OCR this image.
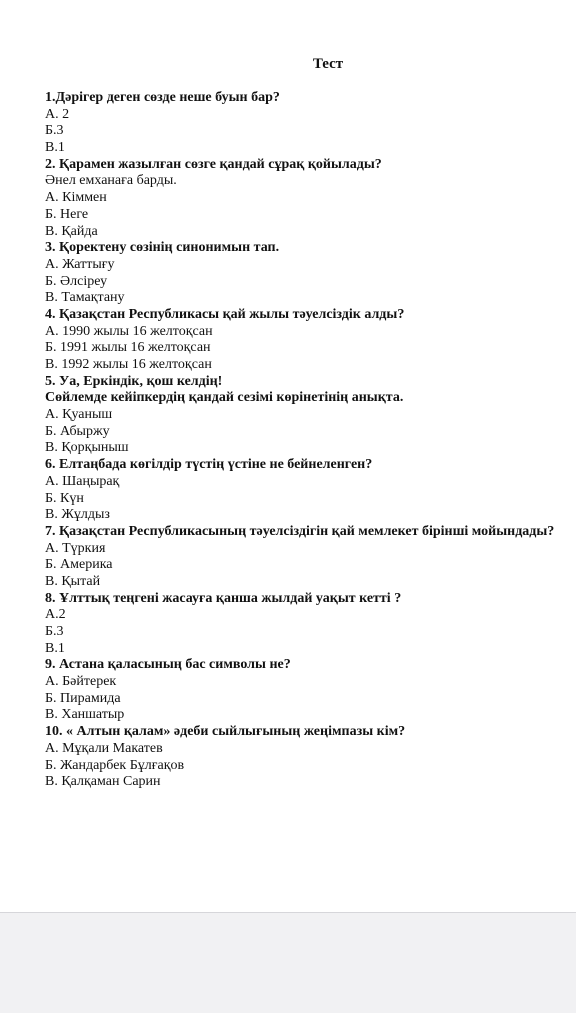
Тест
1.Дәрігер деген сөзде неше буын бар?
А. 2
Б.3
В.1
2. Қарамен жазылған сөзге қандай сұрақ қойылады?
Әнел емханаға барды.
А. Кіммен
Б. Неге
В. Қайда
3. Қоректену сөзінің синонимын тап.
А. Жаттығу
Б. Әлсіреу
В. Тамақтану
4. Қазақстан Республикасы қай жылы тәуелсіздік алды?
А. 1990 жылы 16 желтоқсан
Б. 1991 жылы 16 желтоқсан
В. 1992 жылы 16 желтоқсан
5. Уа, Еркіндік, қош келдің!
Сөйлемде кейіпкердің қандай сезімі көрінетінің анықта.
А. Қуаныш
Б. Абыржу
В. Қорқыныш
6. Елтаңбада көгілдір түстің үстіне не бейнеленген?
А. Шаңырақ
Б. Күн
В. Жұлдыз
7. Қазақстан Республикасының тәуелсіздігін қай мемлекет бірінші мойындады?
А. Түркия
Б. Америка
В. Қытай
8. Ұлттық теңгені жасауға қанша жылдай уақыт кетті ?
А.2
Б.3
В.1
9. Астана қаласының бас символы не?
А. Бәйтерек
Б. Пирамида
В. Ханшатыр
10. « Алтын қалам» әдеби сыйлығының жеңімпазы кім?
А. Мұқали Макатев
Б. Жандарбек Бұлғақов
В. Қалқаман Сарин
